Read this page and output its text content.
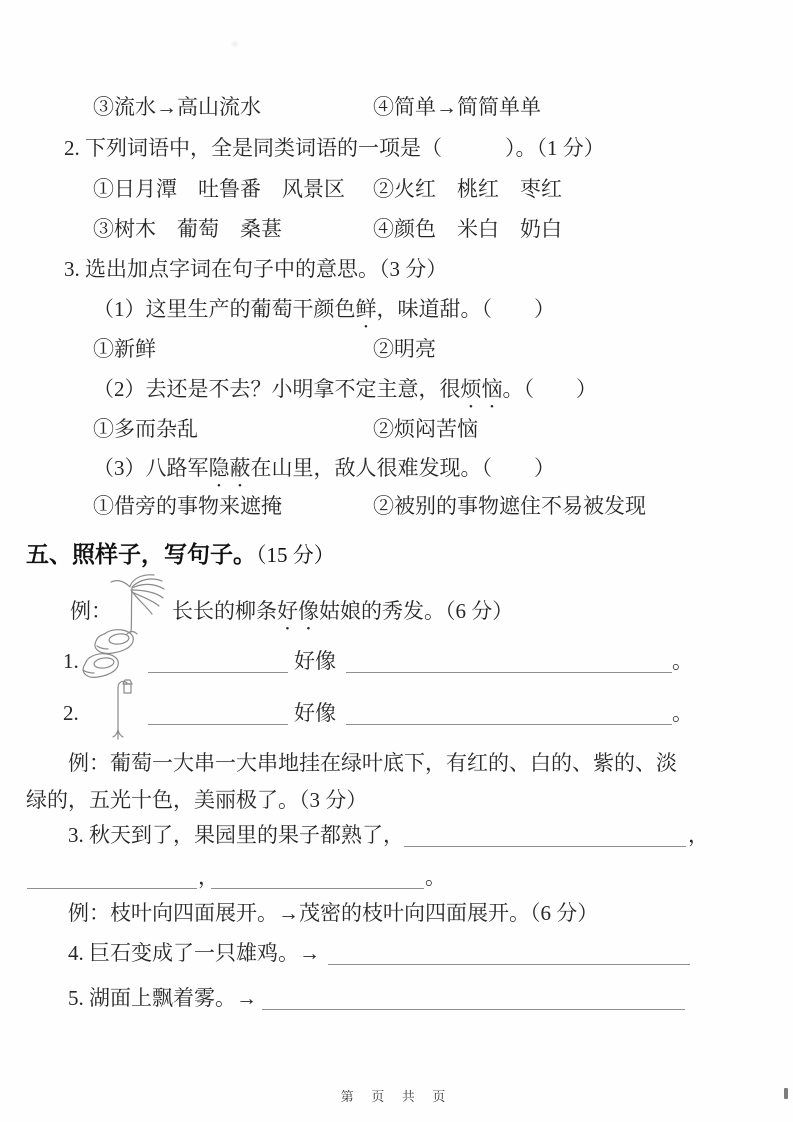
③流水→高山流水	④简单→简简单单
2. 下列词语中，全是同类词语的一项是（　　　）。（1 分）
①日月潭　吐鲁番　风景区 ②火红　桃红　枣红
③树木　葡萄　桑葚	④颜色　米白　奶白
3. 选出加点字词在句子中的意思。（3 分）
（1）这里生产的葡萄干颜色鲜，味道甜。（　　）
①新鲜	②明亮
（2）去还是不去？小明拿不定主意，很烦恼。（　　）
①多而杂乱	②烦闷苦恼
（3）八路军隐蔽在山里，敌人很难发现。（　　）
①借旁的事物来遮掩	②被别的事物遮住不易被发现
五、照样子，写句子。（15 分）
例：	长长的柳条好像姑娘的秀发。（6 分）
1.	好像	。
2.	好像	。
例：葡萄一大串一大串地挂在绿叶底下，有红的、白的、紫的、淡
绿的，五光十色，美丽极了。（3 分）
3. 秋天到了，果园里的果子都熟了，	，
，	。
例：枝叶向四面展开。→茂密的枝叶向四面展开。（6 分）
4. 巨石变成了一只雄鸡。→
5. 湖面上飘着雾。→
第 页 共 页
